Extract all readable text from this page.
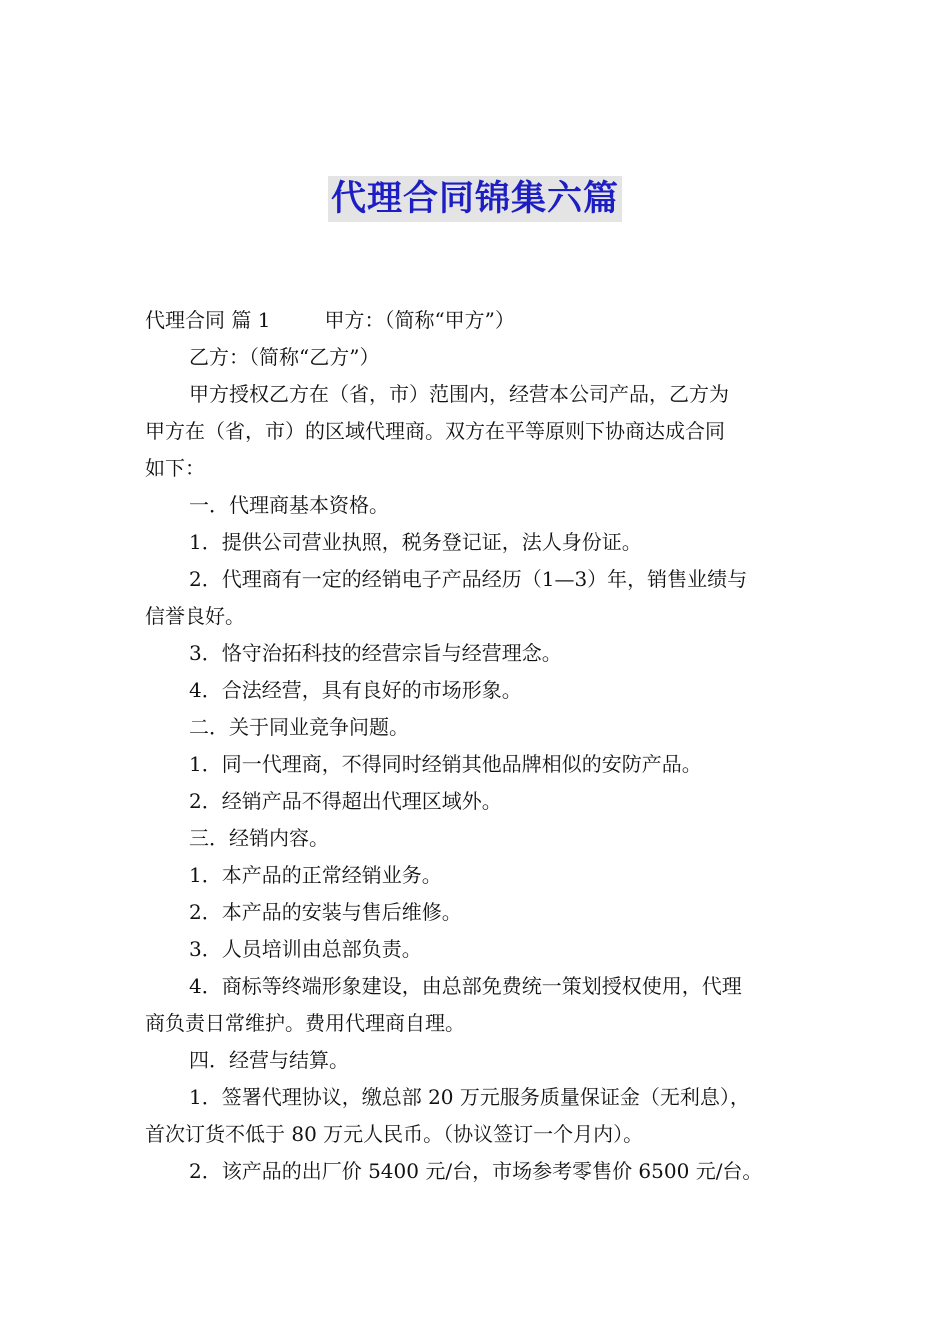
代理合同锦集六篇
代理合同 篇 1	甲方：（简称“甲方”）
乙方：（简称“乙方”）
甲方授权乙方在（省，市）范围内，经营本公司产品，乙方为
甲方在（省，市）的区域代理商。双方在平等原则下协商达成合同
如下：
一．代理商基本资格。
1．提供公司营业执照，税务登记证，法人身份证。
2．代理商有一定的经销电子产品经历（1—3）年，销售业绩与
信誉良好。
3．恪守治拓科技的经营宗旨与经营理念。
4．合法经营，具有良好的市场形象。
二．关于同业竞争问题。
1．同一代理商，不得同时经销其他品牌相似的安防产品。
2．经销产品不得超出代理区域外。
三．经销内容。
1．本产品的正常经销业务。
2．本产品的安装与售后维修。
3．人员培训由总部负责。
4．商标等终端形象建设，由总部免费统一策划授权使用，代理
商负责日常维护。费用代理商自理。
四．经营与结算。
1．签署代理协议，缴总部 20 万元服务质量保证金（无利息），
首次订货不低于 80 万元人民币。（协议签订一个月内）。
2．该产品的出厂价 5400 元/台，市场参考零售价 6500 元/台。
